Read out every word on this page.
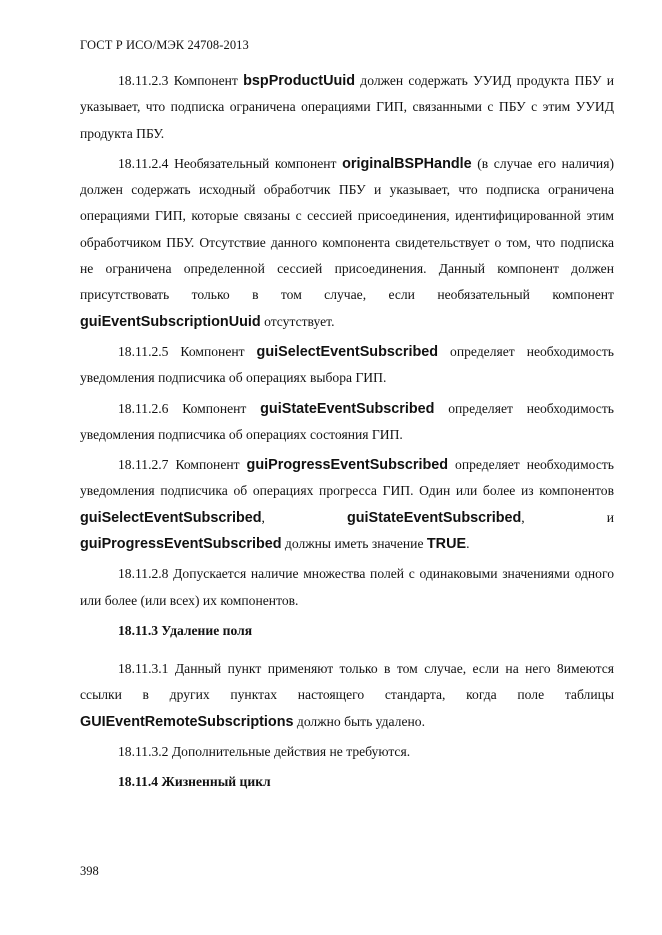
ГОСТ Р ИСО/МЭК 24708-2013

18.11.2.3 Компонент bspProductUuid должен содержать УУИД продукта ПБУ и указывает, что подписка ограничена операциями ГИП, связанными с ПБУ с этим УУИД продукта ПБУ.

18.11.2.4 Необязательный компонент originalBSPHandle (в случае его наличия) должен содержать исходный обработчик ПБУ и указывает, что подписка ограничена операциями ГИП, которые связаны с сессией присоединения, идентифицированной этим обработчиком ПБУ. Отсутствие данного компонента свидетельствует о том, что подписка не ограничена определенной сессией присоединения. Данный компонент должен присутствовать только в том случае, если необязательный компонент guiEventSubscriptionUuid отсутствует.

18.11.2.5 Компонент guiSelectEventSubscribed определяет необходимость уведомления подписчика об операциях выбора ГИП.

18.11.2.6 Компонент guiStateEventSubscribed определяет необходимость уведомления подписчика об операциях состояния ГИП.

18.11.2.7 Компонент guiProgressEventSubscribed определяет необходимость уведомления подписчика об операциях прогресса ГИП. Один или более из компонентов guiSelectEventSubscribed, guiStateEventSubscribed, и guiProgressEventSubscribed должны иметь значение TRUE.

18.11.2.8 Допускается наличие множества полей с одинаковыми значениями одного или более (или всех) их компонентов.

18.11.3 Удаление поля

18.11.3.1 Данный пункт применяют только в том случае, если на него 8имеются ссылки в других пунктах настоящего стандарта, когда поле таблицы GUIEventRemoteSubscriptions должно быть удалено.

18.11.3.2 Дополнительные действия не требуются.

18.11.4 Жизненный цикл
398
